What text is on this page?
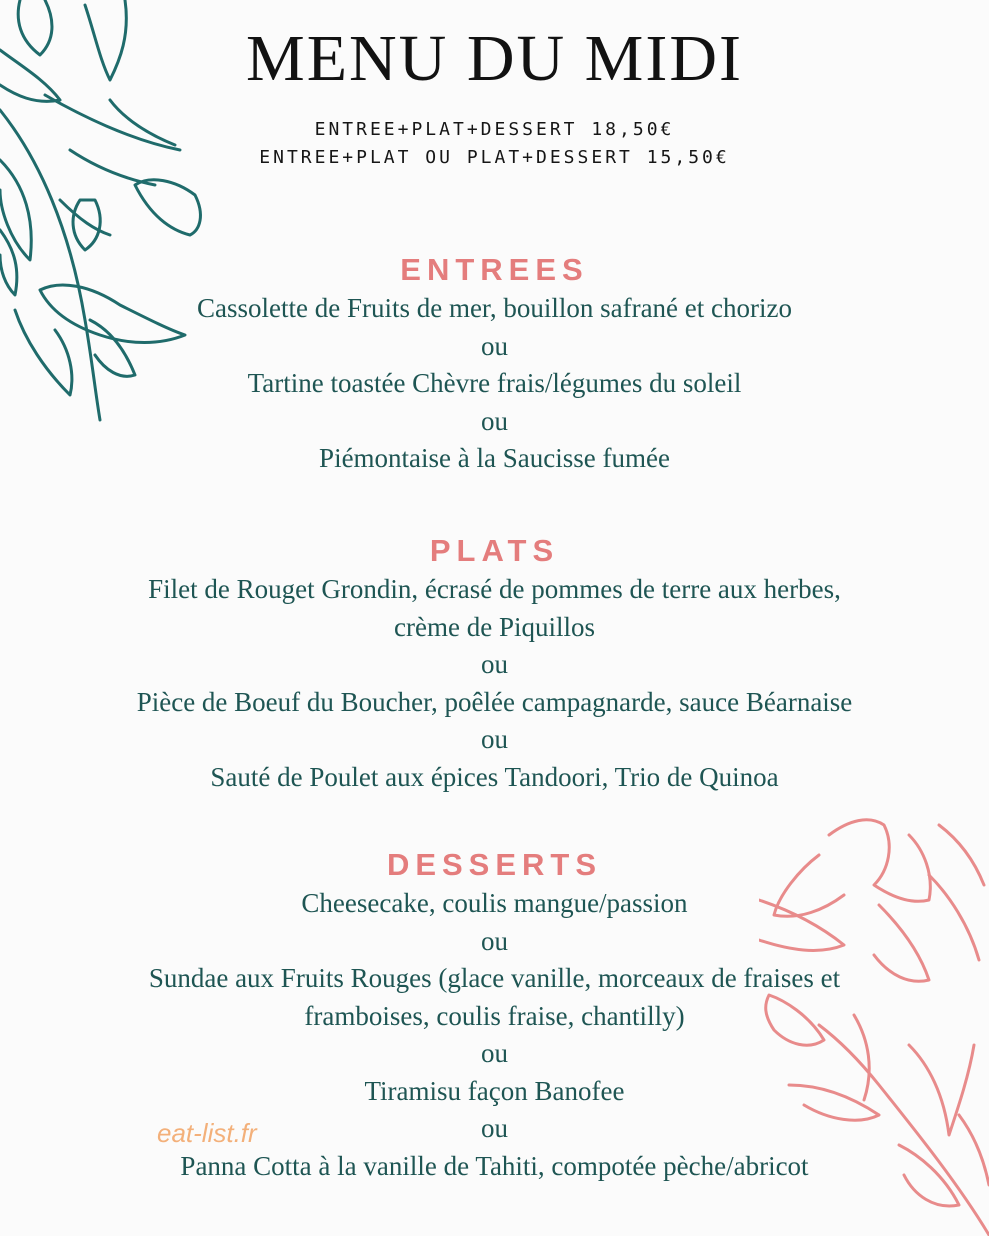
MENU DU MIDI
ENTREE+PLAT+DESSERT 18,50€
ENTREE+PLAT OU PLAT+DESSERT 15,50€
ENTREES
Cassolette de Fruits de mer, bouillon safrané et chorizo
ou
Tartine toastée Chèvre frais/légumes du soleil
ou
Piémontaise à la Saucisse fumée
PLATS
Filet de Rouget Grondin, écrasé de pommes de terre aux herbes,
crème de Piquillos
ou
Pièce de Boeuf du Boucher, poêlée campagnarde, sauce Béarnaise
ou
Sauté de Poulet aux épices Tandoori, Trio de Quinoa
DESSERTS
Cheesecake, coulis mangue/passion
ou
Sundae aux Fruits Rouges (glace vanille, morceaux de fraises et
framboises, coulis fraise, chantilly)
ou
Tiramisu façon Banofee
ou
Panna Cotta à la vanille de Tahiti, compotée pèche/abricot
eat-list.fr
